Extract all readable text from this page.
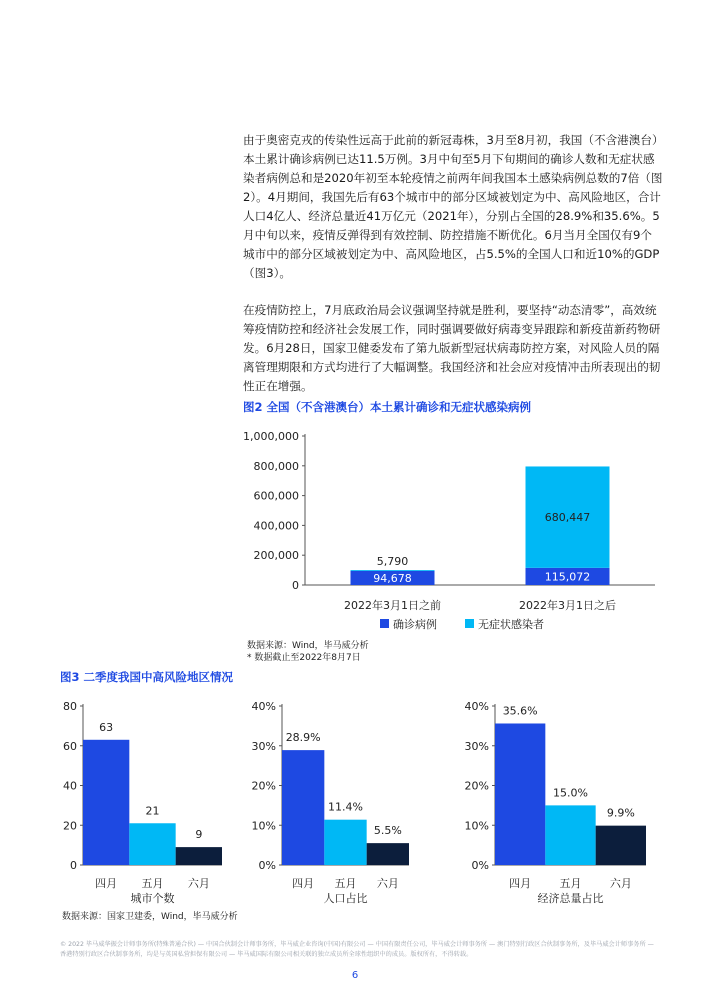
由于奥密克戎的传染性远高于此前的新冠毒株，3月至8月初，我国（不含港澳台）本土累计确诊病例已达11.5万例。3月中旬至5月下旬期间的确诊人数和无症状感染者病例总和是2020年初至本轮疫情之前两年间我国本土感染病例总数的7倍（图2）。4月期间，我国先后有63个城市中的部分区域被划定为中、高风险地区，合计人口4亿人、经济总量近41万亿元（2021年），分别占全国的28.9%和35.6%。5月中旬以来，疫情反弹得到有效控制、防控措施不断优化。6月当月全国仅有9个城市中的部分区域被划定为中、高风险地区，占5.5%的全国人口和近10%的GDP（图3）。

在疫情防控上，7月底政治局会议强调坚持就是胜利，要坚持“动态清零”，高效统筹疫情防控和经济社会发展工作，同时强调要做好病毒变异跟踪和新疫苗新药物研发。6月28日，国家卫健委发布了第九版新型冠状病毒防控方案，对风险人员的隔离管理期限和方式均进行了大幅调整。我国经济和社会应对疫情冲击所表现出的韧性正在增强。

图2 全国（不含港澳台）本土累计确诊和无症状感染病例
0
200,000
400,000
600,000
800,000
1,000,000
94,678
5,790
2022年3月1日之前
115,072
680,447
2022年3月1日之后
确诊病例	无症状感染者
数据来源：Wind，毕马威分析
* 数据截止至2022年8月7日
图3 二季度我国中高风险地区情况
0
20
40
60
80
63
四月
21
五月
9
六月
城市个数
0%
10%
20%
30%
40%
28.9%
四月
11.4%
五月
5.5%
六月
人口占比
0%
10%
20%
30%
40% 35.6%
四月
15.0%
五月
9.9%
六月
经济总量占比
数据来源：国家卫建委，Wind，毕马威分析
© 2022 毕马威华振会计师事务所(特殊普通合伙) — 中国合伙制会计师事务所，毕马威企业咨询(中国)有限公司 — 中国有限责任公司，毕马威会计师事务所 — 澳门特别行政区合伙制事务所，及毕马威会计师事务所 — 香港特别行政区合伙制事务所，均是与英国私营担保有限公司 — 毕马威国际有限公司相关联的独立成员所全球性组织中的成员。版权所有，不得转载。
6
